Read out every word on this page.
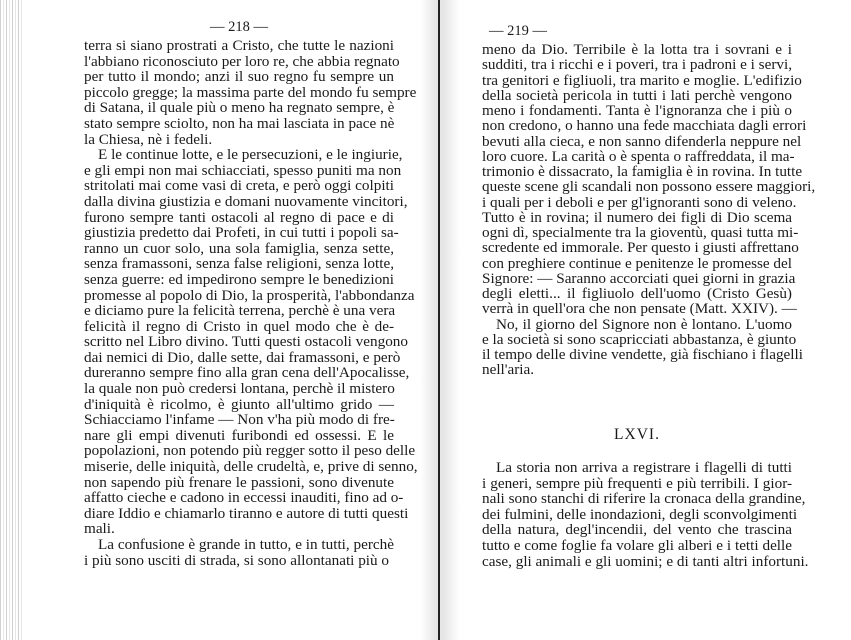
— 218 —
terra si siano prostrati a Cristo, che tutte le nazioni
l'abbiano riconosciuto per loro re, che abbia regnato
per tutto il mondo; anzi il suo regno fu sempre un
piccolo gregge; la massima parte del mondo fu sempre
di Satana, il quale più o meno ha regnato sempre, è
stato sempre sciolto, non ha mai lasciata in pace nè
la Chiesa, nè i fedeli.
E le continue lotte, e le persecuzioni, e le ingiurie,
e gli empi non mai schiacciati, spesso puniti ma non
stritolati mai come vasi di creta, e però oggi colpiti
dalla divina giustizia e domani nuovamente vincitori,
furono sempre tanti ostacoli al regno di pace e di
giustizia predetto dai Profeti, in cui tutti i popoli sa-
ranno un cuor solo, una sola famiglia, senza sette,
senza framassoni, senza false religioni, senza lotte,
senza guerre: ed impedirono sempre le benedizioni
promesse al popolo di Dio, la prosperità, l'abbondanza
e diciamo pure la felicità terrena, perchè è una vera
felicità il regno di Cristo in quel modo che è de-
scritto nel Libro divino. Tutti questi ostacoli vengono
dai nemici di Dio, dalle sette, dai framassoni, e però
dureranno sempre fino alla gran cena dell'Apocalisse,
la quale non può credersi lontana, perchè il mistero
d'iniquità è ricolmo, è giunto all'ultimo grido —
Schiacciamo l'infame — Non v'ha più modo di fre-
nare gli empi divenuti furibondi ed ossessi. E le
popolazioni, non potendo più regger sotto il peso delle
miserie, delle iniquità, delle crudeltà, e, prive di senno,
non sapendo più frenare le passioni, sono divenute
affatto cieche e cadono in eccessi inauditi, fino ad o-
diare Iddio e chiamarlo tiranno e autore di tutti questi
mali.
La confusione è grande in tutto, e in tutti, perchè
i più sono usciti di strada, si sono allontanati più o
— 219 —
meno da Dio. Terribile è la lotta tra i sovrani e i
sudditi, tra i ricchi e i poveri, tra i padroni e i servi,
tra genitori e figliuoli, tra marito e moglie. L'edifizio
della società pericola in tutti i lati perchè vengono
meno i fondamenti. Tanta è l'ignoranza che i più o
non credono, o hanno una fede macchiata dagli errori
bevuti alla cieca, e non sanno difenderla neppure nel
loro cuore. La carità o è spenta o raffreddata, il ma-
trimonio è dissacrato, la famiglia è in rovina. In tutte
queste scene gli scandali non possono essere maggiori,
i quali per i deboli e per gl'ignoranti sono di veleno.
Tutto è in rovina; il numero dei figli di Dio scema
ogni dì, specialmente tra la gioventù, quasi tutta mi-
scredente ed immorale. Per questo i giusti affrettano
con preghiere continue e penitenze le promesse del
Signore: — Saranno accorciati quei giorni in grazia
degli eletti... il figliuolo dell'uomo (Cristo Gesù)
verrà in quell'ora che non pensate (Matt. XXIV). —
No, il giorno del Signore non è lontano. L'uomo
e la società si sono scapricciati abbastanza, è giunto
il tempo delle divine vendette, già fischiano i flagelli
nell'aria.
LXVI.
La storia non arriva a registrare i flagelli di tutti
i generi, sempre più frequenti e più terribili. I gior-
nali sono stanchi di riferire la cronaca della grandine,
dei fulmini, delle inondazioni, degli sconvolgimenti
della natura, degl'incendii, del vento che trascina
tutto e come foglie fa volare gli alberi e i tetti delle
case, gli animali e gli uomini; e di tanti altri infortuni.
